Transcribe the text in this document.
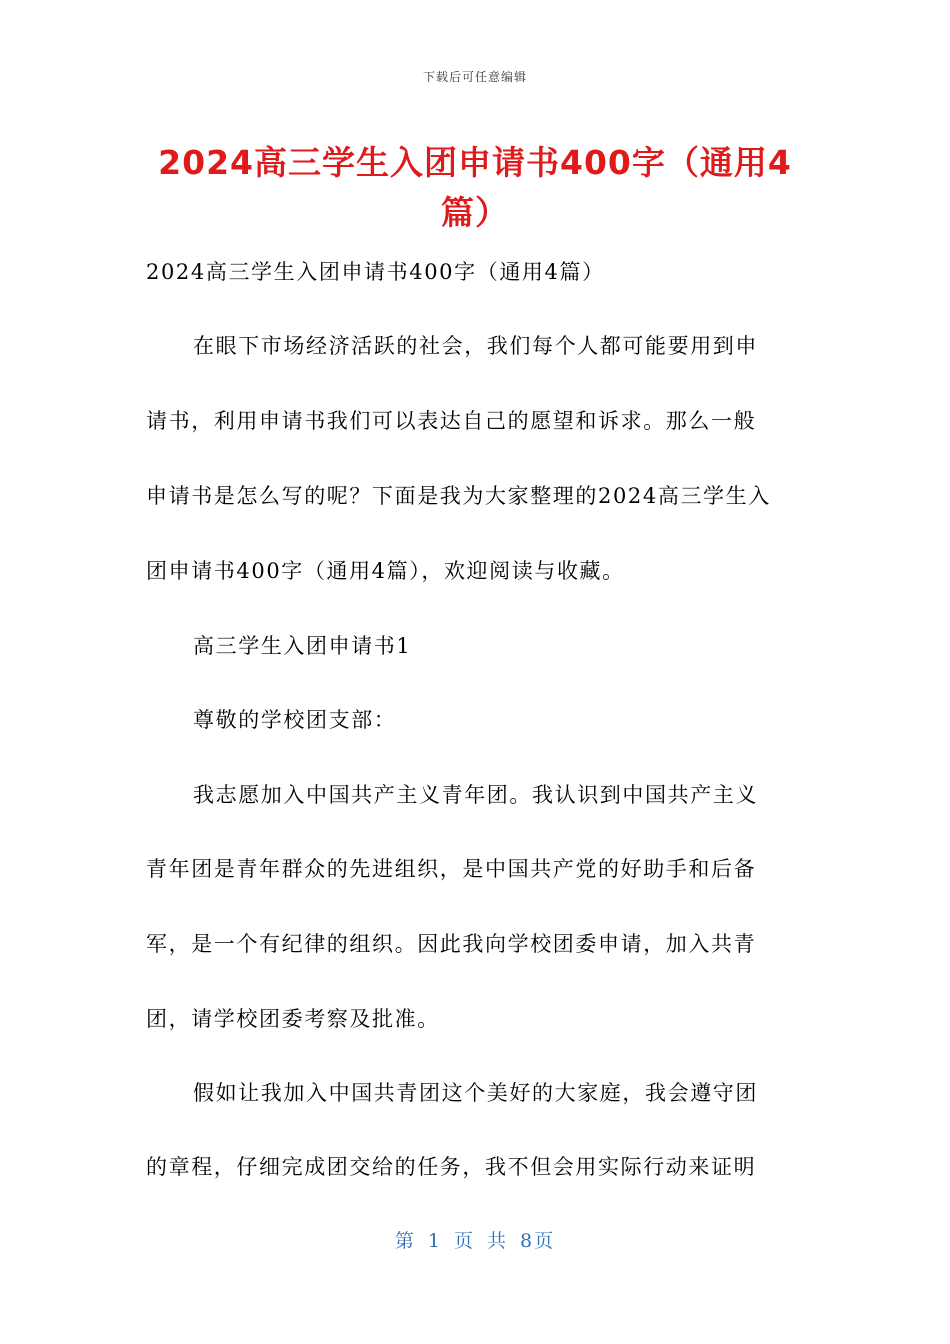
下载后可任意编辑
2024高三学生入团申请书400字（通用4篇）

2024高三学生入团申请书400字（通用4篇）

在眼下市场经济活跃的社会，我们每个人都可能要用到申

请书，利用申请书我们可以表达自己的愿望和诉求。那么一般

申请书是怎么写的呢？下面是我为大家整理的2024高三学生入

团申请书400字（通用4篇），欢迎阅读与收藏。

高三学生入团申请书1

尊敬的学校团支部：

我志愿加入中国共产主义青年团。我认识到中国共产主义

青年团是青年群众的先进组织，是中国共产党的好助手和后备

军，是一个有纪律的组织。因此我向学校团委申请，加入共青

团，请学校团委考察及批准。

假如让我加入中国共青团这个美好的大家庭，我会遵守团

的章程，仔细完成团交给的任务，我不但会用实际行动来证明

第 1 页 共 8页
